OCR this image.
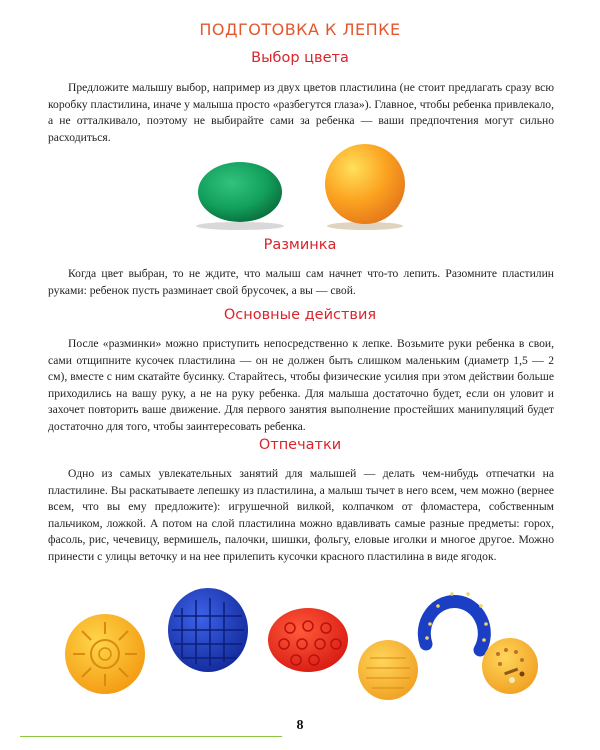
ПОДГОТОВКА К ЛЕПКЕ
Выбор цвета

Предложите малышу выбор, например из двух цветов пластилина (не стоит предлагать сразу всю коробку пластилина, иначе у малыша просто «разбегутся глаза»). Главное, чтобы ребенка привлекало, а не отталкивало, поэтому не выбирайте сами за ребенка — ваши предпочтения могут сильно расходиться.

Разминка

Когда цвет выбран, то не ждите, что малыш сам начнет что-то лепить. Разомните пластилин руками: ребенок пусть разминает свой брусочек, а вы — свой.

Основные действия

После «разминки» можно приступить непосредственно к лепке. Возьмите руки ребенка в свои, сами отщипните кусочек пластилина — он не должен быть слишком маленьким (диаметр 1,5 — 2 см), вместе с ним скатайте бусинку. Старайтесь, чтобы физические усилия при этом действии больше приходились на вашу руку, а не на руку ребенка. Для малыша достаточно будет, если он уловит и захочет повторить ваше движение. Для первого занятия выполнение простейших манипуляций будет достаточно для того, чтобы заинтересовать ребенка.

Отпечатки

Одно из самых увлекательных занятий для малышей — делать чем-нибудь отпечатки на пластилине. Вы раскатываете лепешку из пластилина, а малыш тычет в него всем, чем можно (вернее всем, что вы ему предложите): игрушечной вилкой, колпачком от фломастера, собственным пальчиком, ложкой. А потом на слой пластилина можно вдавливать самые разные предметы: горох, фасоль, рис, чечевицу, вермишель, палочки, шишки, фольгу, еловые иголки и многое другое. Можно принести с улицы веточку и на нее прилепить кусочки красного пластилина в виде ягодок.

8
